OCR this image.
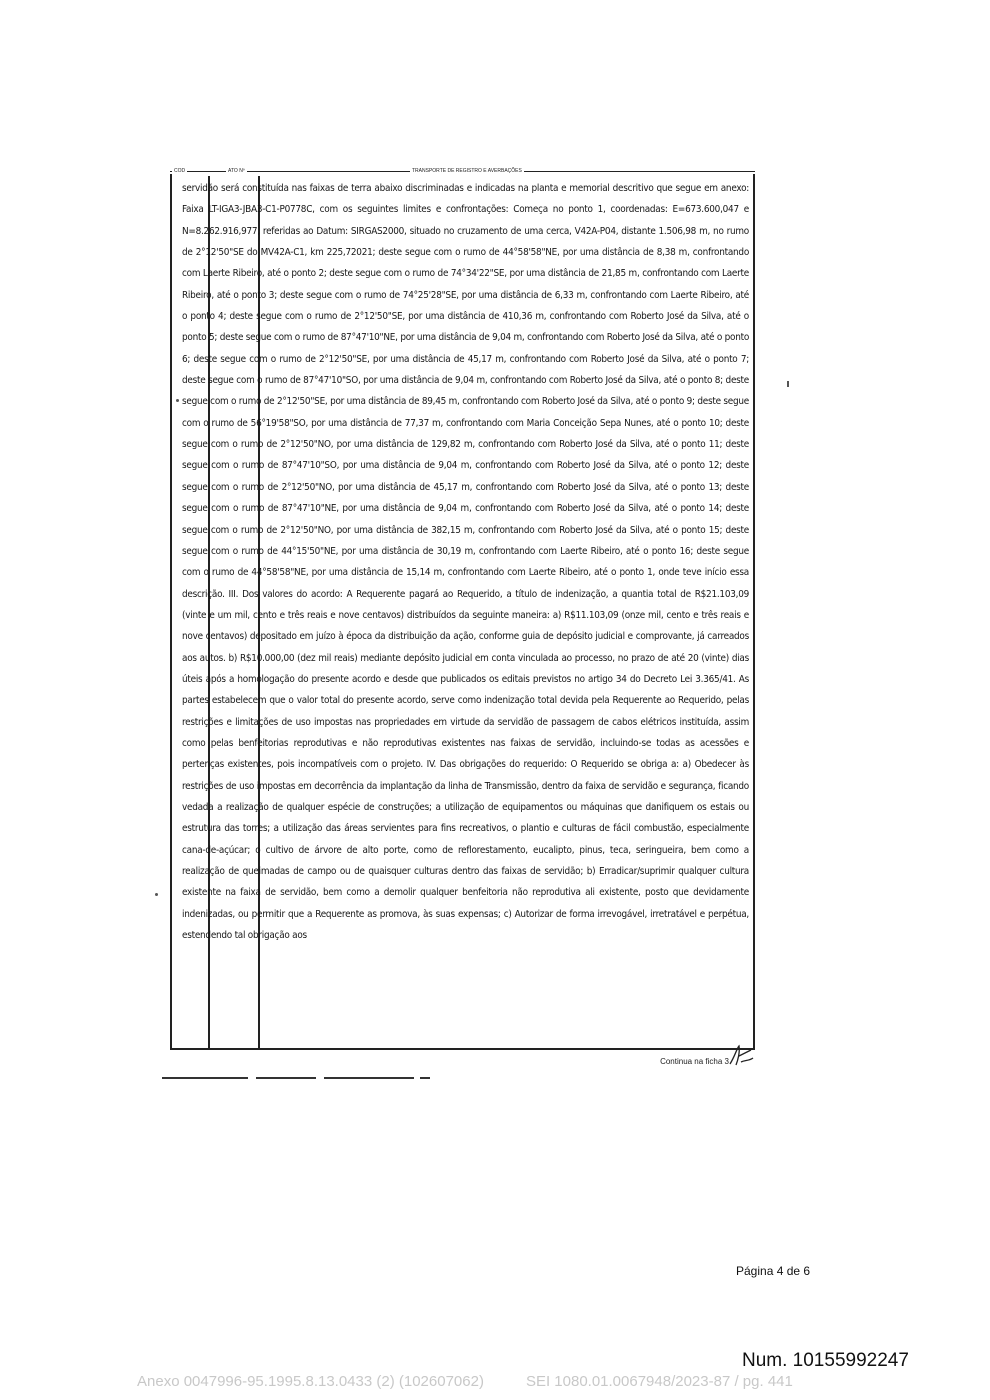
COD	ATO Nº	TRANSPORTE DE REGISTRO E AVERBAÇÕES

servidão será constituída nas faixas de terra abaixo discriminadas e indicadas na planta e memorial descritivo que segue em anexo: Faixa LT-IGA3-JBA3-C1-P0778C, com os seguintes limites e confrontações: Começa no ponto 1, coordenadas: E=673.600,047 e N=8.262.916,977, referidas ao Datum: SIRGAS2000, situado no cruzamento de uma cerca, V42A-P04, distante 1.506,98 m, no rumo de 2°12'50"SE do MV42A-C1, km 225,72021; deste segue com o rumo de 44°58'58"NE, por uma distância de 8,38 m, confrontando com Laerte Ribeiro, até o ponto 2; deste segue com o rumo de 74°34'22"SE, por uma distância de 21,85 m, confrontando com Laerte Ribeiro, até o ponto 3; deste segue com o rumo de 74°25'28"SE, por uma distância de 6,33 m, confrontando com Laerte Ribeiro, até o ponto 4; deste segue com o rumo de 2°12'50"SE, por uma distância de 410,36 m, confrontando com Roberto José da Silva, até o ponto 5; deste segue com o rumo de 87°47'10"NE, por uma distância de 9,04 m, confrontando com Roberto José da Silva, até o ponto 6; deste segue com o rumo de 2°12'50"SE, por uma distância de 45,17 m, confrontando com Roberto José da Silva, até o ponto 7; deste segue com o rumo de 87°47'10"SO, por uma distância de 9,04 m, confrontando com Roberto José da Silva, até o ponto 8; deste segue com o rumo de 2°12'50"SE, por uma distância de 89,45 m, confrontando com Roberto José da Silva, até o ponto 9; deste segue com o rumo de 56°19'58"SO, por uma distância de 77,37 m, confrontando com Maria Conceição Sepa Nunes, até o ponto 10; deste segue com o rumo de 2°12'50"NO, por uma distância de 129,82 m, confrontando com Roberto José da Silva, até o ponto 11; deste segue com o rumo de 87°47'10"SO, por uma distância de 9,04 m, confrontando com Roberto José da Silva, até o ponto 12; deste segue com o rumo de 2°12'50"NO, por uma distância de 45,17 m, confrontando com Roberto José da Silva, até o ponto 13; deste segue com o rumo de 87°47'10"NE, por uma distância de 9,04 m, confrontando com Roberto José da Silva, até o ponto 14; deste segue com o rumo de 2°12'50"NO, por uma distância de 382,15 m, confrontando com Roberto José da Silva, até o ponto 15; deste segue com o rumo de 44°15'50"NE, por uma distância de 30,19 m, confrontando com Laerte Ribeiro, até o ponto 16; deste segue com o rumo de 44°58'58"NE, por uma distância de 15,14 m, confrontando com Laerte Ribeiro, até o ponto 1, onde teve início essa descrição. III. Dos valores do acordo: A Requerente pagará ao Requerido, a título de indenização, a quantia total de R$21.103,09 (vinte e um mil, cento e três reais e nove centavos) distribuídos da seguinte maneira: a) R$11.103,09 (onze mil, cento e três reais e nove centavos) depositado em juízo à época da distribuição da ação, conforme guia de depósito judicial e comprovante, já carreados aos autos. b) R$10.000,00 (dez mil reais) mediante depósito judicial em conta vinculada ao processo, no prazo de até 20 (vinte) dias úteis após a homologação do presente acordo e desde que publicados os editais previstos no artigo 34 do Decreto Lei 3.365/41. As partes estabelecem que o valor total do presente acordo, serve como indenização total devida pela Requerente ao Requerido, pelas restrições e limitações de uso impostas nas propriedades em virtude da servidão de passagem de cabos elétricos instituída, assim como pelas benfeitorias reprodutivas e não reprodutivas existentes nas faixas de servidão, incluindo-se todas as acessões e pertenças existentes, pois incompatíveis com o projeto. IV. Das obrigações do requerido: O Requerido se obriga a: a) Obedecer às restrições de uso impostas em decorrência da implantação da linha de Transmissão, dentro da faixa de servidão e segurança, ficando vedada a realização de qualquer espécie de construções; a utilização de equipamentos ou máquinas que danifiquem os estais ou estrutura das torres; a utilização das áreas servientes para fins recreativos, o plantio e culturas de fácil combustão, especialmente cana-de-açúcar; o cultivo de árvore de alto porte, como de reflorestamento, eucalipto, pinus, teca, seringueira, bem como a realização de queimadas de campo ou de quaisquer culturas dentro das faixas de servidão; b) Erradicar/suprimir qualquer cultura existente na faixa de servidão, bem como a demolir qualquer benfeitoria não reprodutiva ali existente, posto que devidamente indenizadas, ou permitir que a Requerente as promova, às suas expensas; c) Autorizar de forma irrevogável, irretratável e perpétua, estendendo tal obrigação aos

Continua na ficha 3
Página 4 de 6
Num. 10155992247
Anexo 0047996-95.1995.8.13.0433 (2) (102607062)	SEI 1080.01.0067948/2023-87 / pg. 441
